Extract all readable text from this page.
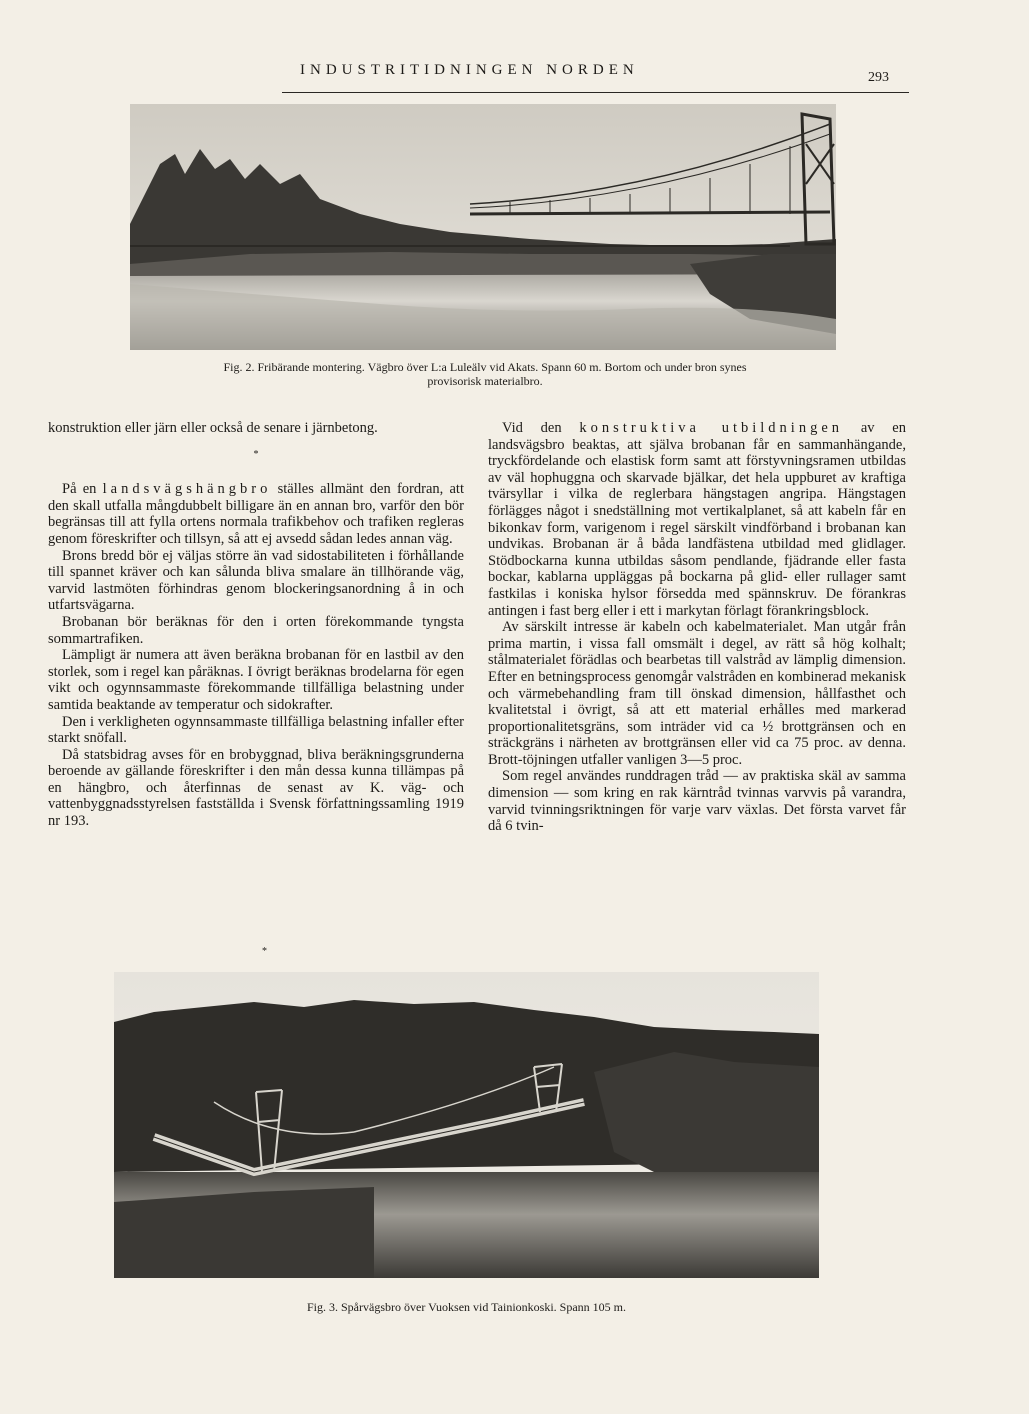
INDUSTRITIDNINGEN NORDEN	293
Fig. 2. Fribärande montering. Vägbro över L:a Luleälv vid Akats. Spann 60 m. Bortom och under bron synes
provisorisk materialbro.

konstruktion eller järn eller också de senare i järnbetong.

*

På en landsvägshängbro ställes allmänt den fordran, att den skall utfalla mångdubbelt billigare än en annan bro, varför den bör begränsas till att fylla ortens normala trafikbehov och trafiken regleras genom föreskrifter och tillsyn, så att ej avsedd sådan ledes annan väg.

Brons bredd bör ej väljas större än vad sidostabiliteten i förhållande till spannet kräver och kan sålunda bliva smalare än tillhörande väg, varvid lastmöten förhindras genom blockeringsanordning å in och utfartsvägarna.

Brobanan bör beräknas för den i orten förekommande tyngsta sommartrafiken.

Lämpligt är numera att även beräkna brobanan för en lastbil av den storlek, som i regel kan påräknas. I övrigt beräknas brodelarna för egen vikt och ogynnsammaste förekommande tillfälliga belastning under samtida beaktande av temperatur och sidokrafter.

Den i verkligheten ogynnsammaste tillfälliga belastning infaller efter starkt snöfall.

Då statsbidrag avses för en brobyggnad, bliva beräkningsgrunderna beroende av gällande föreskrifter i den mån dessa kunna tillämpas på en hängbro, och återfinnas de senast av K. väg- och vattenbyggnadsstyrelsen fastställda i Svensk författningssamling 1919 nr 193.

*

Vid den konstruktiva utbildningen av en landsvägsbro beaktas, att själva brobanan får en sammanhängande, tryckfördelande och elastisk form samt att förstyvningsramen utbildas av väl hophuggna och skarvade bjälkar, det hela uppburet av kraftiga tvärsyllar i vilka de reglerbara hängstagen angripa. Hängstagen förlägges något i snedställning mot vertikalplanet, så att kabeln får en bikonkav form, varigenom i regel särskilt vindförband i brobanan kan undvikas. Brobanan är å båda landfästena utbildad med glidlager. Stödbockarna kunna utbildas såsom pendlande, fjädrande eller fasta bockar, kablarna uppläggas på bockarna på glid- eller rullager samt fastkilas i koniska hylsor försedda med spännskruv. De förankras antingen i fast berg eller i ett i markytan förlagt förankringsblock.

Av särskilt intresse är kabeln och kabelmaterialet. Man utgår från prima martin, i vissa fall omsmält i degel, av rätt så hög kolhalt; stålmaterialet förädlas och bearbetas till valstråd av lämplig dimension. Efter en betningsprocess genomgår valstråden en kombinerad mekanisk och värmebehandling fram till önskad dimension, hållfasthet och kvalitetstal i övrigt, så att ett material erhålles med markerad proportionalitetsgräns, som inträder vid ca ½ brottgränsen och en sträckgräns i närheten av brottgränsen eller vid ca 75 proc. av denna. Brott-töjningen utfaller vanligen 3—5 proc.

Som regel användes runddragen tråd — av praktiska skäl av samma dimension — som kring en rak kärntråd tvinnas varvvis på varandra, varvid tvinningsriktningen för varje varv växlas. Det första varvet får då 6 tvin-

Fig. 3. Spårvägsbro över Vuoksen vid Tainionkoski. Spann 105 m.
